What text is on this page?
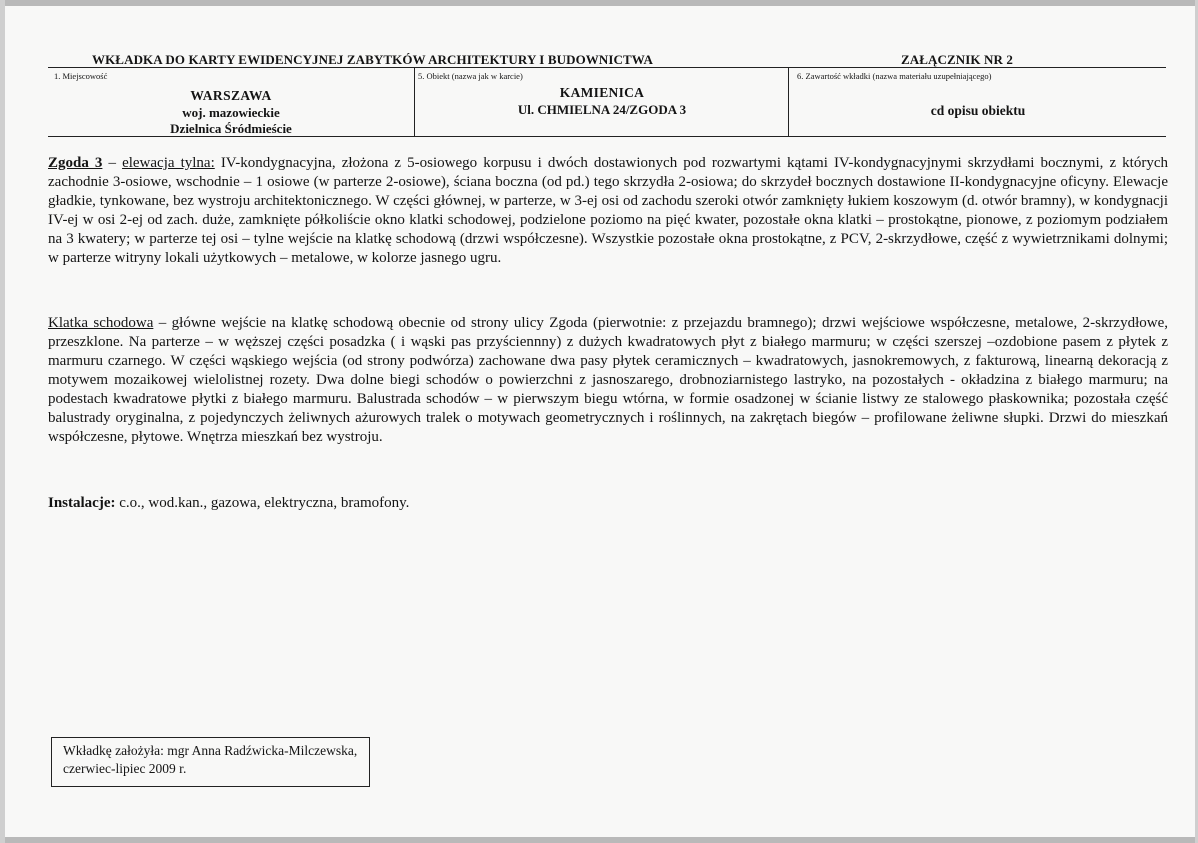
WKŁADKA DO KARTY EWIDENCYJNEJ ZABYTKÓW ARCHITEKTURY I BUDOWNICTWA	ZAŁĄCZNIK NR 2
1. Miejscowość
WARSZAWA
woj. mazowieckie
Dzielnica Śródmieście
5. Obiekt (nazwa jak w karcie)
KAMIENICA
Ul. CHMIELNA 24/ZGODA 3
6. Zawartość wkładki (nazwa materiału uzupełniającego)
cd opisu obiektu

Zgoda 3 – elewacja tylna: IV-kondygnacyjna, złożona z 5-osiowego korpusu i dwóch dostawionych pod rozwartymi kątami IV-kondygnacyjnymi skrzydłami bocznymi, z których zachodnie 3-osiowe, wschodnie – 1 osiowe (w parterze 2-osiowe), ściana boczna (od pd.) tego skrzydła 2-osiowa; do skrzydeł bocznych dostawione II-kondygnacyjne oficyny. Elewacje gładkie, tynkowane, bez wystroju architektonicznego. W części głównej, w parterze, w 3-ej osi od zachodu szeroki otwór zamknięty łukiem koszowym (d. otwór bramny), w kondygnacji IV-ej w osi 2-ej od zach. duże, zamknięte półkoliście okno klatki schodowej, podzielone poziomo na pięć kwater, pozostałe okna klatki – prostokątne, pionowe, z poziomym podziałem na 3 kwatery; w parterze tej osi – tylne wejście na klatkę schodową (drzwi współczesne). Wszystkie pozostałe okna prostokątne, z PCV, 2-skrzydłowe, część z wywietrznikami dolnymi; w parterze witryny lokali użytkowych – metalowe, w kolorze jasnego ugru.

Klatka schodowa – główne wejście na klatkę schodową obecnie od strony ulicy Zgoda (pierwotnie: z przejazdu bramnego); drzwi wejściowe współczesne, metalowe, 2-skrzydłowe, przeszklone. Na parterze – w węższej części posadzka ( i wąski pas przyściennny) z dużych kwadratowych płyt z białego marmuru; w części szerszej –ozdobione pasem z płytek z marmuru czarnego. W części wąskiego wejścia (od strony podwórza) zachowane dwa pasy płytek ceramicznych – kwadratowych, jasnokremowych, z fakturową, linearną dekoracją z motywem mozaikowej wielolistnej rozety. Dwa dolne biegi schodów o powierzchni z jasnoszarego, drobnoziarnistego lastryko, na pozostałych - okładzina z białego marmuru; na podestach kwadratowe płytki z białego marmuru. Balustrada schodów – w pierwszym biegu wtórna, w formie osadzonej w ścianie listwy ze stalowego płaskownika; pozostała część balustrady oryginalna, z pojedynczych żeliwnych ażurowych tralek o motywach geometrycznych i roślinnych, na zakrętach biegów – profilowane żeliwne słupki. Drzwi do mieszkań współczesne, płytowe. Wnętrza mieszkań bez wystroju.

Instalacje: c.o., wod.kan., gazowa, elektryczna, bramofony.

Wkładkę założyła: mgr Anna Radźwicka-Milczewska,
czerwiec-lipiec 2009 r.
